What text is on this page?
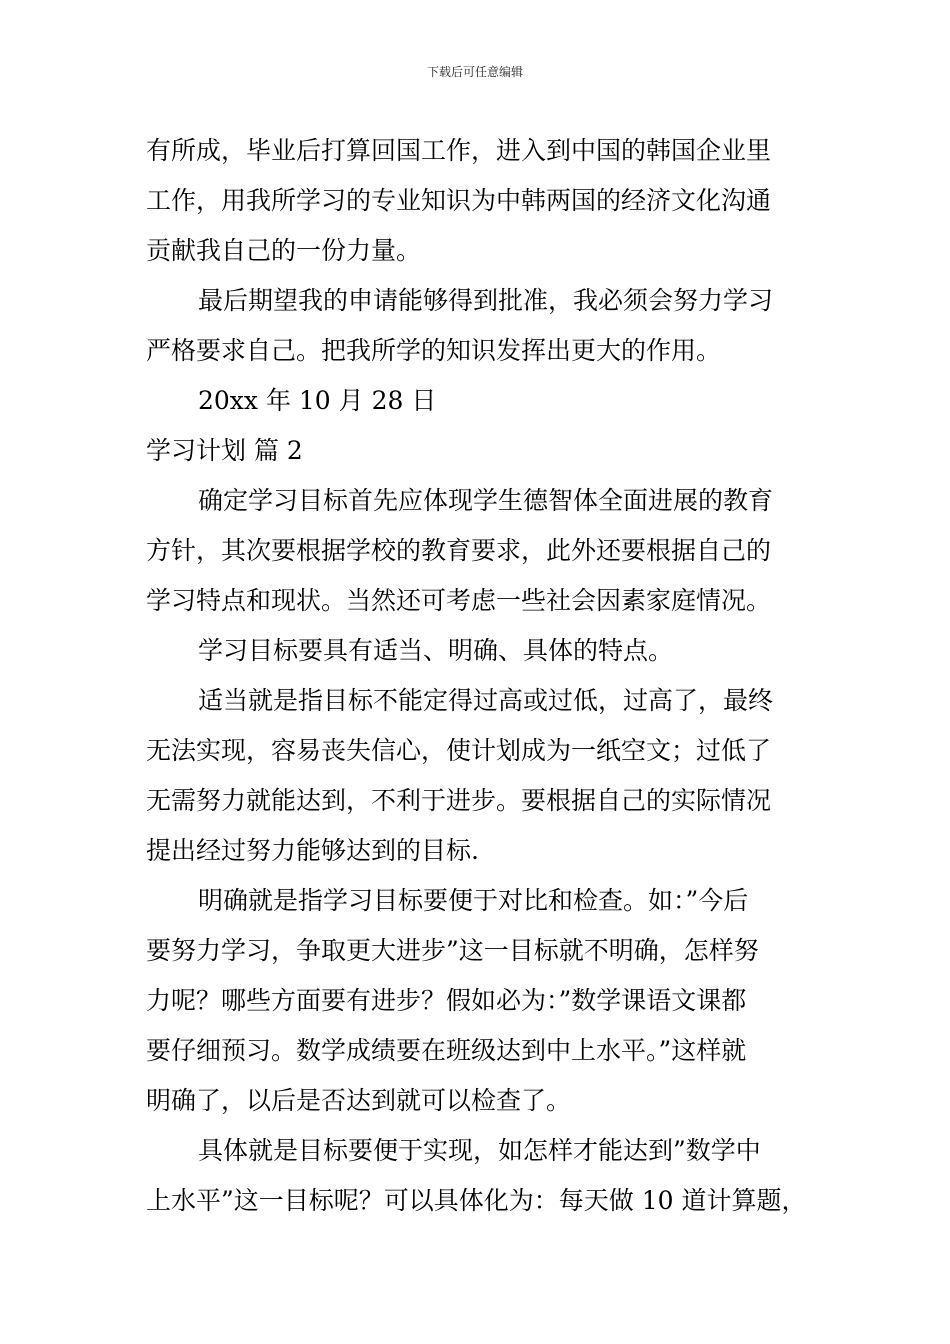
下载后可任意编辑
有所成，毕业后打算回国工作，进入到中国的韩国企业里
工作，用我所学习的专业知识为中韩两国的经济文化沟通
贡献我自己的一份力量。
最后期望我的申请能够得到批准，我必须会努力学习
严格要求自己。把我所学的知识发挥出更大的作用。
20xx 年 10 月 28 日
学习计划 篇 2
确定学习目标首先应体现学生德智体全面进展的教育
方针，其次要根据学校的教育要求，此外还要根据自己的
学习特点和现状。当然还可考虑一些社会因素家庭情况。
学习目标要具有适当、明确、具体的特点。
适当就是指目标不能定得过高或过低，过高了，最终
无法实现，容易丧失信心，使计划成为一纸空文；过低了
无需努力就能达到，不利于进步。要根据自己的实际情况
提出经过努力能够达到的目标.
明确就是指学习目标要便于对比和检查。如：”今后
要努力学习，争取更大进步”这一目标就不明确，怎样努
力呢？哪些方面要有进步？假如必为：”数学课语文课都
要仔细预习。数学成绩要在班级达到中上水平。”这样就
明确了，以后是否达到就可以检查了。
具体就是目标要便于实现，如怎样才能达到”数学中
上水平”这一目标呢？可以具体化为：每天做 10 道计算题，
